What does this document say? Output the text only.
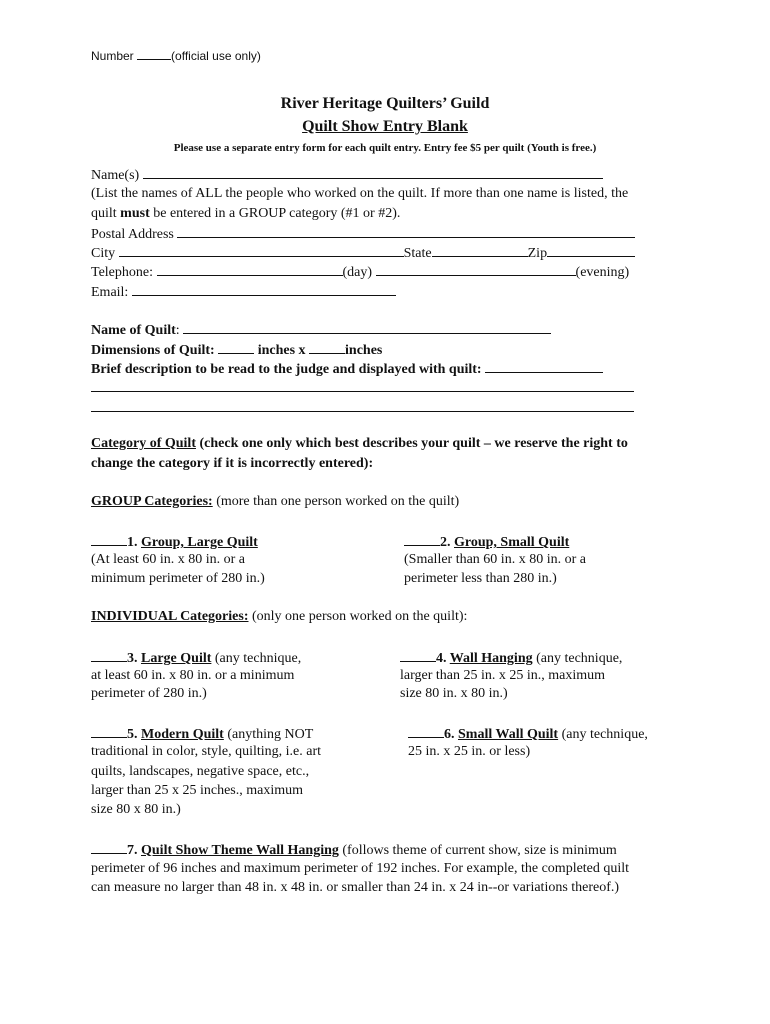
Number	(official use only)
River Heritage Quilters’ Guild
Quilt Show Entry Blank
Please use a separate entry form for each quilt entry. Entry fee $5 per quilt (Youth is free.)
Name(s)
(List the names of ALL the people who worked on the quilt. If more than one name is listed, the
quilt must be entered in a GROUP category (#1 or #2).
Postal Address
City	State	Zip
Telephone:	(day)	(evening)
Email:
Name of Quilt:
Dimensions of Quilt:	inches x	inches
Brief description to be read to the judge and displayed with quilt:
Category of Quilt (check one only which best describes your quilt – we reserve the right to
change the category if it is incorrectly entered):
GROUP Categories: (more than one person worked on the quilt)
1. Group, Large Quilt
(At least 60 in. x 80 in. or a
minimum perimeter of 280 in.)
2. Group, Small Quilt
(Smaller than 60 in. x 80 in. or a
perimeter less than 280 in.)
INDIVIDUAL Categories: (only one person worked on the quilt):
3. Large Quilt (any technique,
at least 60 in. x 80 in. or a minimum
perimeter of 280 in.)
4. Wall Hanging (any technique,
larger than 25 in. x 25 in., maximum
size 80 in. x 80 in.)
5. Modern Quilt (anything NOT
traditional in color, style, quilting, i.e. art
quilts, landscapes, negative space, etc.,
larger than 25 x 25 inches., maximum
size 80 x 80 in.)
6. Small Wall Quilt (any technique,
25 in. x 25 in. or less)
7. Quilt Show Theme Wall Hanging (follows theme of current show, size is minimum
perimeter of 96 inches and maximum perimeter of 192 inches. For example, the completed quilt
can measure no larger than 48 in. x 48 in. or smaller than 24 in. x 24 in--or variations thereof.)
